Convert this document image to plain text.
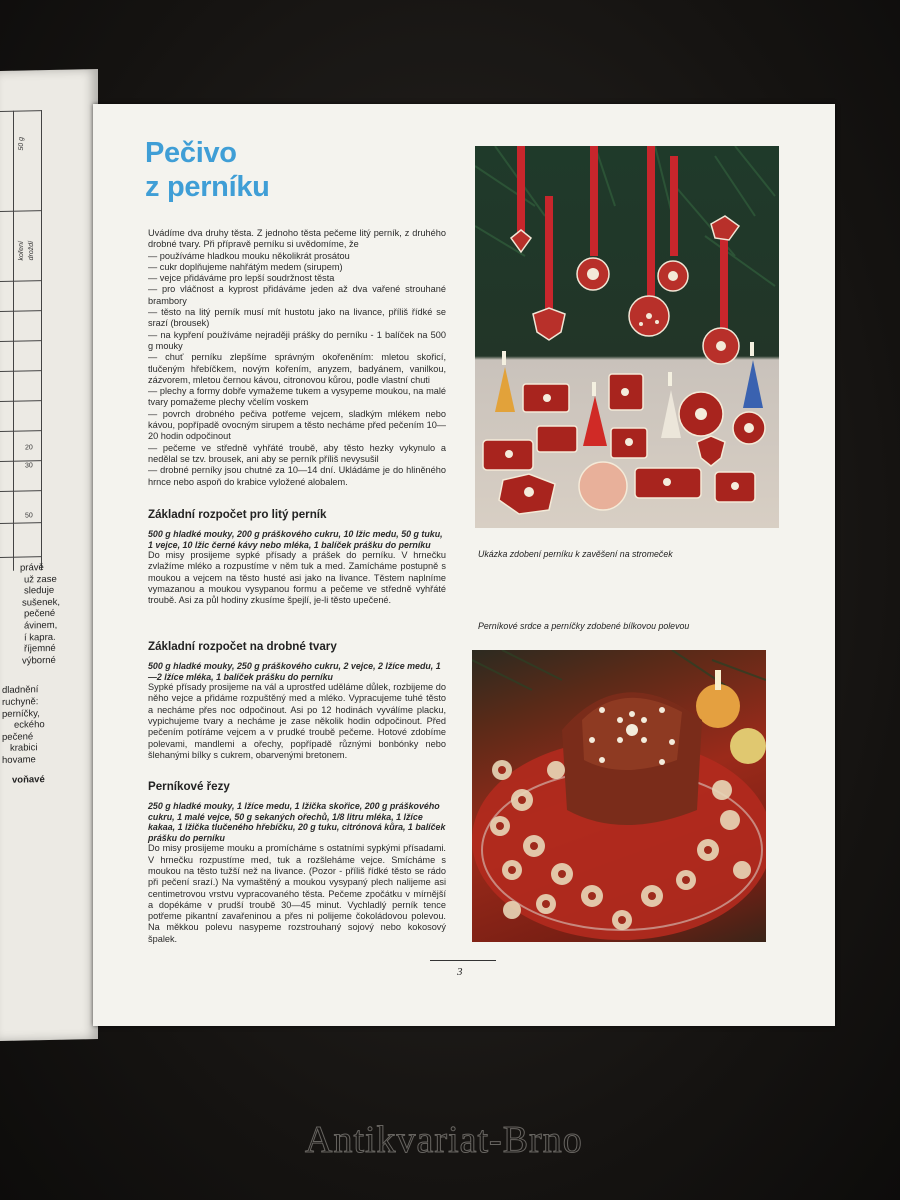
50 g
koření droždí
20
30
50
právě
už zase
sleduje
sušenek,
pečené
ávinem,
í kapra.
říjemné
výborné
dladnění
ruchyně:
perníčky,
eckého
pečené
krabici
hovame
voňavé
Pečivo
z perníku

Uvádíme dva druhy těsta. Z jednoho těsta pečeme litý perník, z druhého drobné tvary. Při přípravě perníku si uvědomíme, že

— používáme hladkou mouku několikrát prosátou

— cukr doplňujeme nahřátým medem (sirupem)

— vejce přidáváme pro lepší soudržnost těsta

— pro vláčnost a kyprost přidáváme jeden až dva vařené strouhané brambory

— těsto na litý perník musí mít hustotu jako na livance, příliš řídké se srazí (brousek)

— na kypření používáme nejraději prášky do perníku - 1 balíček na 500 g mouky

— chuť perníku zlepšíme správným okořeněním: mletou skořicí, tlučeným hřebíčkem, novým kořením, anyzem, badyánem, vanilkou, zázvorem, mletou černou kávou, citronovou kůrou, podle vlastní chuti

— plechy a formy dobře vymažeme tukem a vysypeme moukou, na malé tvary pomažeme plechy včelím voskem

— povrch drobného pečiva potřeme vejcem, sladkým mlékem nebo kávou, popřípadě ovocným sirupem a těsto necháme před pečením 10—20 hodin odpočinout

— pečeme ve středně vyhřáté troubě, aby těsto hezky vykynulo a nedělal se tzv. brousek, ani aby se perník příliš nevysušil

— drobné perníky jsou chutné za 10—14 dní. Ukládáme je do hliněného hrnce nebo aspoň do krabice vyložené alobalem.

Základní rozpočet pro litý perník

500 g hladké mouky, 200 g práškového cukru, 10 lžic medu, 50 g tuku, 1 vejce, 10 lžic černé kávy nebo mléka, 1 balíček prášku do perníku

Do misy prosijeme sypké přísady a prášek do perníku. V hrnečku zvlažíme mléko a rozpustíme v něm tuk a med. Zamícháme postupně s moukou a vejcem na těsto husté asi jako na livance. Těstem naplníme vymazanou a moukou vysypanou formu a pečeme ve středně vyhřáté troubě. Asi za půl hodiny zkusíme špejlí, je-li těsto upečené.

Základní rozpočet na drobné tvary

500 g hladké mouky, 250 g práškového cukru, 2 vejce, 2 lžíce medu, 1—2 lžíce mléka, 1 balíček prášku do perníku

Sypké přísady prosijeme na vál a uprostřed uděláme důlek, rozbijeme do něho vejce a přidáme rozpuštěný med a mléko. Vypracujeme tuhé těsto a necháme přes noc odpočinout. Asi po 12 hodinách vyválíme placku, vypichujeme tvary a necháme je zase několik hodin odpočinout. Před pečením potíráme vejcem a v prudké troubě pečeme. Hotové zdobíme polevami, mandlemi a ořechy, popřípadě různými bonbónky nebo šlehanými bílky s cukrem, obarvenými bretonem.

Perníkové řezy

250 g hladké mouky, 1 lžíce medu, 1 lžička skořice, 200 g práškového cukru, 1 malé vejce, 50 g sekaných ořechů, 1/8 litru mléka, 1 lžíce kakaa, 1 lžička tlučeného hřebíčku, 20 g tuku, citrónová kůra, 1 balíček prášku do perníku

Do misy prosijeme mouku a promícháme s ostatními sypkými přísadami. V hrnečku rozpustíme med, tuk a rozšleháme vejce. Smícháme s moukou na těsto tužší než na livance. (Pozor - příliš řídké těsto se rádo při pečení srazí.) Na vymaštěný a moukou vysypaný plech nalijeme asi centimetrovou vrstvu vypracovaného těsta. Pečeme zpočátku v mírnější a dopékáme v prudší troubě 30—45 minut. Vychladlý perník tence potřeme pikantní zavařeninou a přes ni polijeme čokoládovou polevou. Na měkkou polevu nasypeme rozstrouhaný sojový nebo kokosový špalek.

Ukázka zdobení perníku k zavěšení na stromeček
Perníkové srdce a perníčky zdobené bílkovou polevou
3
Antikvariat-Brno
